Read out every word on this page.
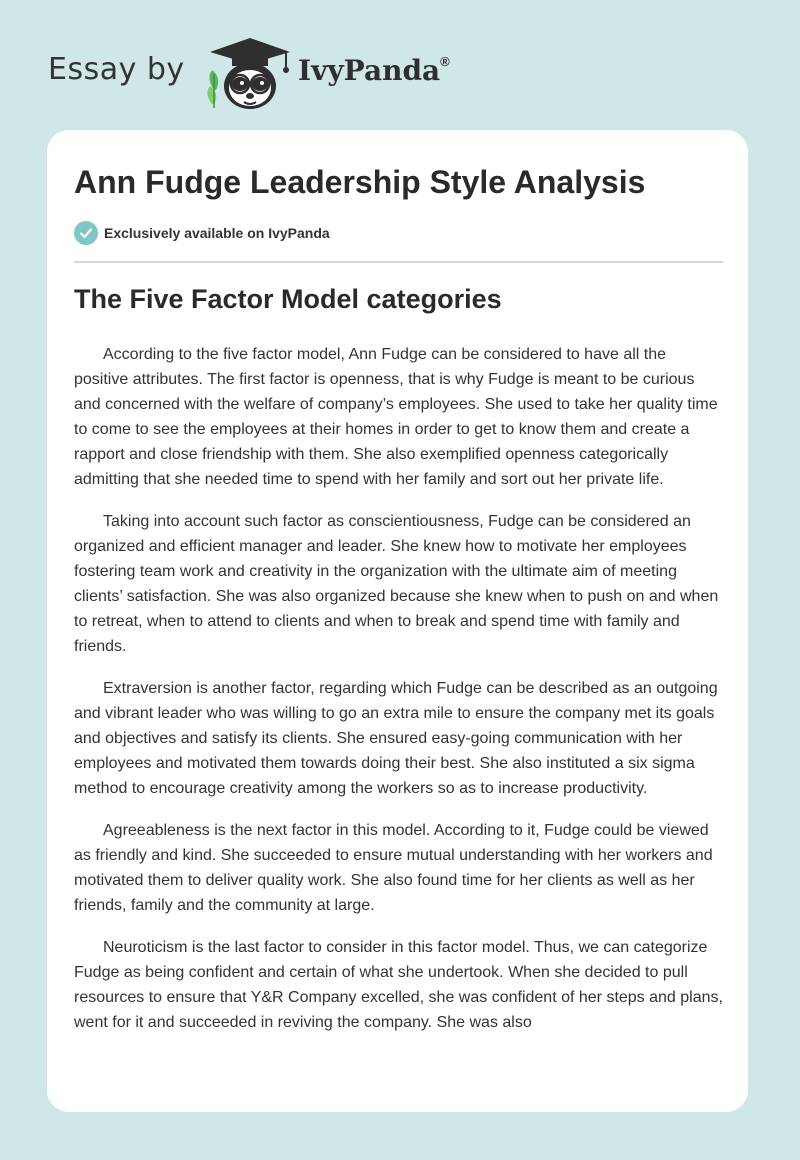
Essay by	IvyPanda®
Ann Fudge Leadership Style Analysis
Exclusively available on IvyPanda
The Five Factor Model categories

According to the five factor model, Ann Fudge can be considered to have all the positive attributes. The first factor is openness, that is why Fudge is meant to be curious and concerned with the welfare of company’s employees. She used to take her quality time to come to see the employees at their homes in order to get to know them and create a rapport and close friendship with them. She also exemplified openness categorically admitting that she needed time to spend with her family and sort out her private life.

Taking into account such factor as conscientiousness, Fudge can be considered an organized and efficient manager and leader. She knew how to motivate her employees fostering team work and creativity in the organization with the ultimate aim of meeting clients’ satisfaction. She was also organized because she knew when to push on and when to retreat, when to attend to clients and when to break and spend time with family and friends.

Extraversion is another factor, regarding which Fudge can be described as an outgoing and vibrant leader who was willing to go an extra mile to ensure the company met its goals and objectives and satisfy its clients. She ensured easy-going communication with her employees and motivated them towards doing their best. She also instituted a six sigma method to encourage creativity among the workers so as to increase productivity.

Agreeableness is the next factor in this model. According to it, Fudge could be viewed as friendly and kind. She succeeded to ensure mutual understanding with her workers and motivated them to deliver quality work. She also found time for her clients as well as her friends, family and the community at large.

Neuroticism is the last factor to consider in this factor model. Thus, we can categorize Fudge as being confident and certain of what she undertook. When she decided to pull resources to ensure that Y&R Company excelled, she was confident of her steps and plans, went for it and succeeded in reviving the company. She was also
